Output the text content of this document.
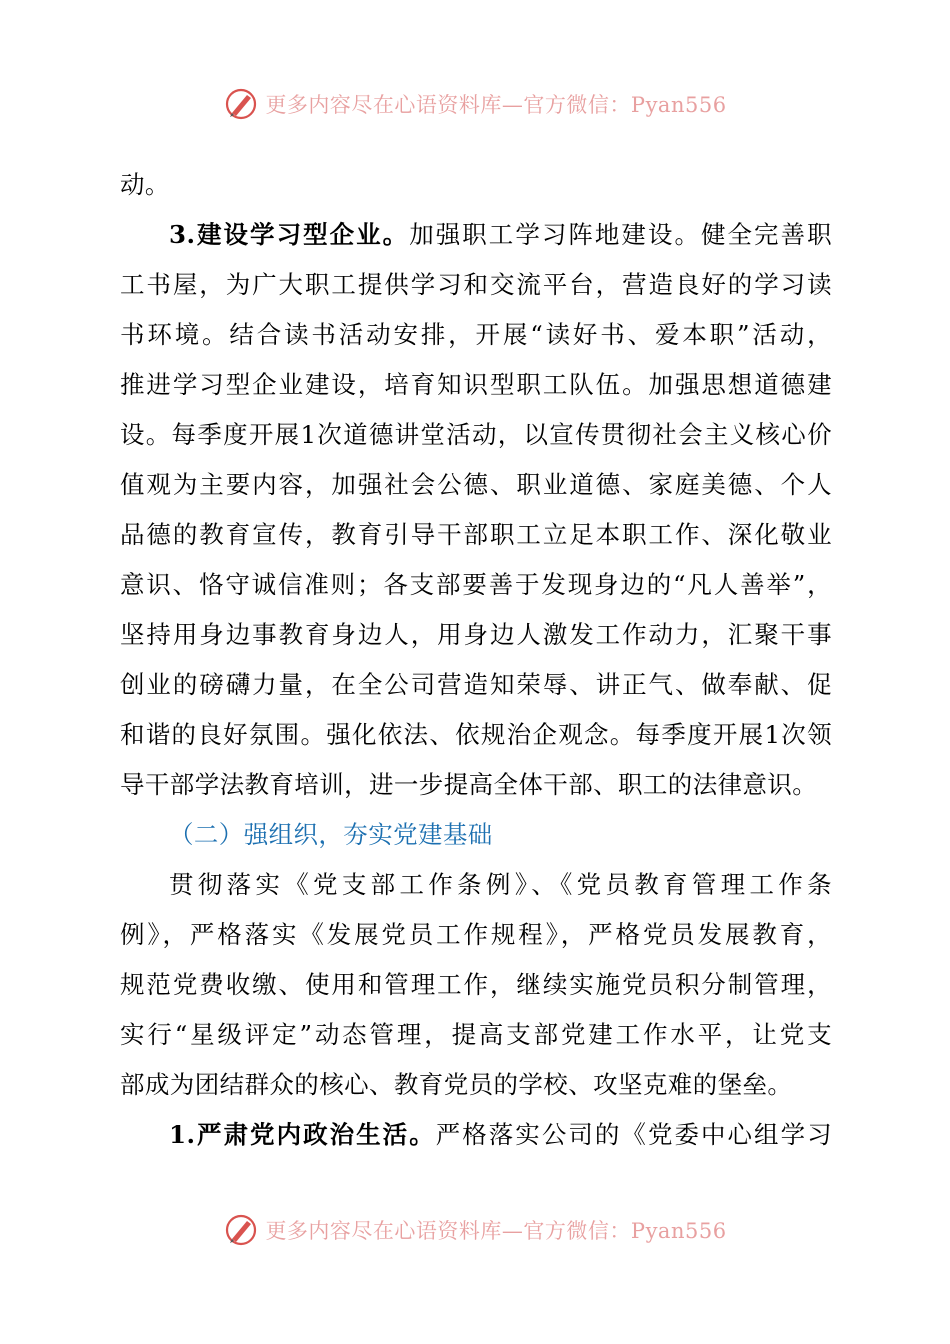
更多内容尽在心语资料库—官方微信：Pyan556
动。
3.建设学习型企业。加强职工学习阵地建设。健全完善职
工书屋，为广大职工提供学习和交流平台，营造良好的学习读
书环境。结合读书活动安排，开展“读好书、爱本职”活动，
推进学习型企业建设，培育知识型职工队伍。加强思想道德建
设。每季度开展1次道德讲堂活动，以宣传贯彻社会主义核心价
值观为主要内容，加强社会公德、职业道德、家庭美德、个人
品德的教育宣传，教育引导干部职工立足本职工作、深化敬业
意识、恪守诚信准则；各支部要善于发现身边的“凡人善举”，
坚持用身边事教育身边人，用身边人激发工作动力，汇聚干事
创业的磅礴力量，在全公司营造知荣辱、讲正气、做奉献、促
和谐的良好氛围。强化依法、依规治企观念。每季度开展1次领
导干部学法教育培训，进一步提高全体干部、职工的法律意识。
（二）强组织，夯实党建基础
贯彻落实《党支部工作条例》、《党员教育管理工作条
例》，严格落实《发展党员工作规程》，严格党员发展教育，
规范党费收缴、使用和管理工作，继续实施党员积分制管理，
实行“星级评定”动态管理，提高支部党建工作水平，让党支
部成为团结群众的核心、教育党员的学校、攻坚克难的堡垒。
1.严肃党内政治生活。严格落实公司的《党委中心组学习
更多内容尽在心语资料库—官方微信：Pyan556
